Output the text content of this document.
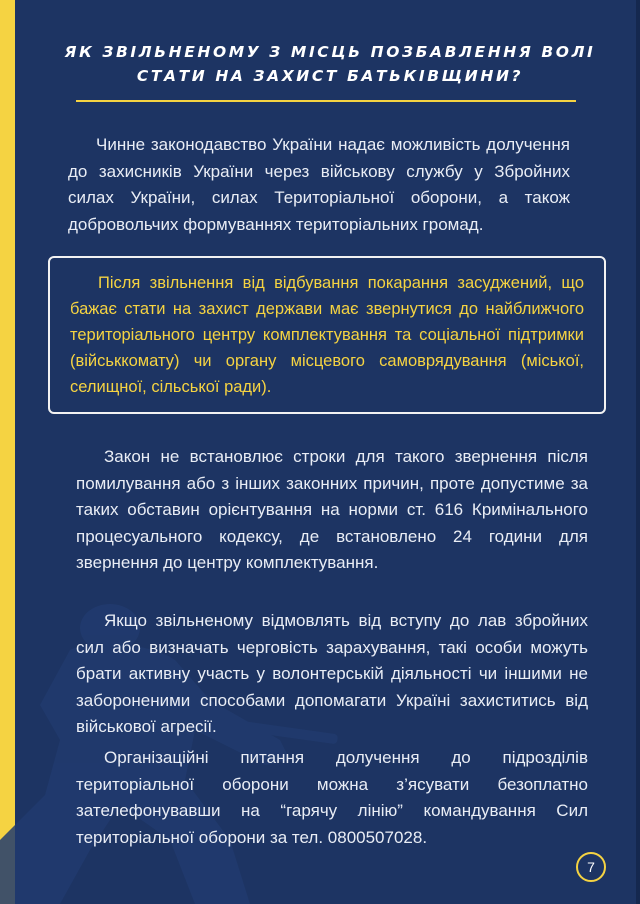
ЯК ЗВІЛЬНЕНОМУ З МІСЦЬ ПОЗБАВЛЕННЯ ВОЛІ
СТАТИ НА ЗАХИСТ БАТЬКІВЩИНИ?
Чинне законодавство України надає можливість долучення до захисників України через військову службу у Збройних силах України, силах Територіальної оборони, а також добровольчих формуваннях територіальних громад.
Після звільнення від відбування покарання засуджений, що бажає стати на захист держави має звернутися до найближчого територіального центру комплектування та соціальної підтримки (військкомату) чи органу місцевого самоврядування (міської, селищної, сільської ради).
Закон не встановлює строки для такого звернення після помилування або з інших законних причин, проте допустиме за таких обставин орієнтування на норми ст. 616 Кримінального процесуального кодексу, де встановлено 24 години для звернення до центру комплектування.
Якщо звільненому відмовлять від вступу до лав збройних сил або визначать черговість зарахування, такі особи можуть брати активну участь у волонтерській діяльності чи іншими не забороненими способами допомагати Україні захиститись від військової агресії.
Організаційні питання долучення до підрозділів територіальної оборони можна з’ясувати безоплатно зателефонувавши на “гарячу лінію” командування Сил територіальної оборони за тел. 0800507028.
7
